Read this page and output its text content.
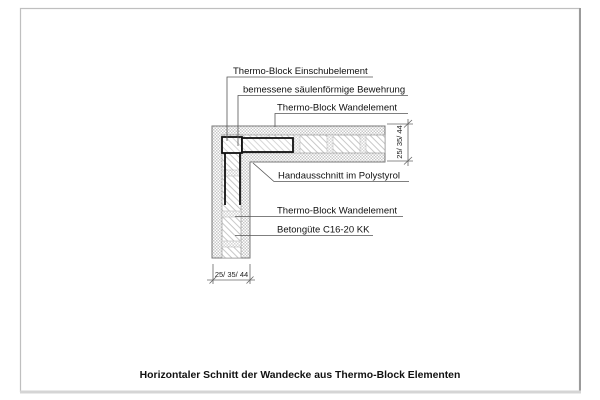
Thermo-Block Einschubelement
bemessene säulenförmige Bewehrung
Thermo-Block Wandelement
Handausschnitt im Polystyrol
Thermo-Block Wandelement
Betongüte C16-20 KK
25/ 35/ 44
25/ 35/ 44
Horizontaler Schnitt der Wandecke aus Thermo-Block Elementen
